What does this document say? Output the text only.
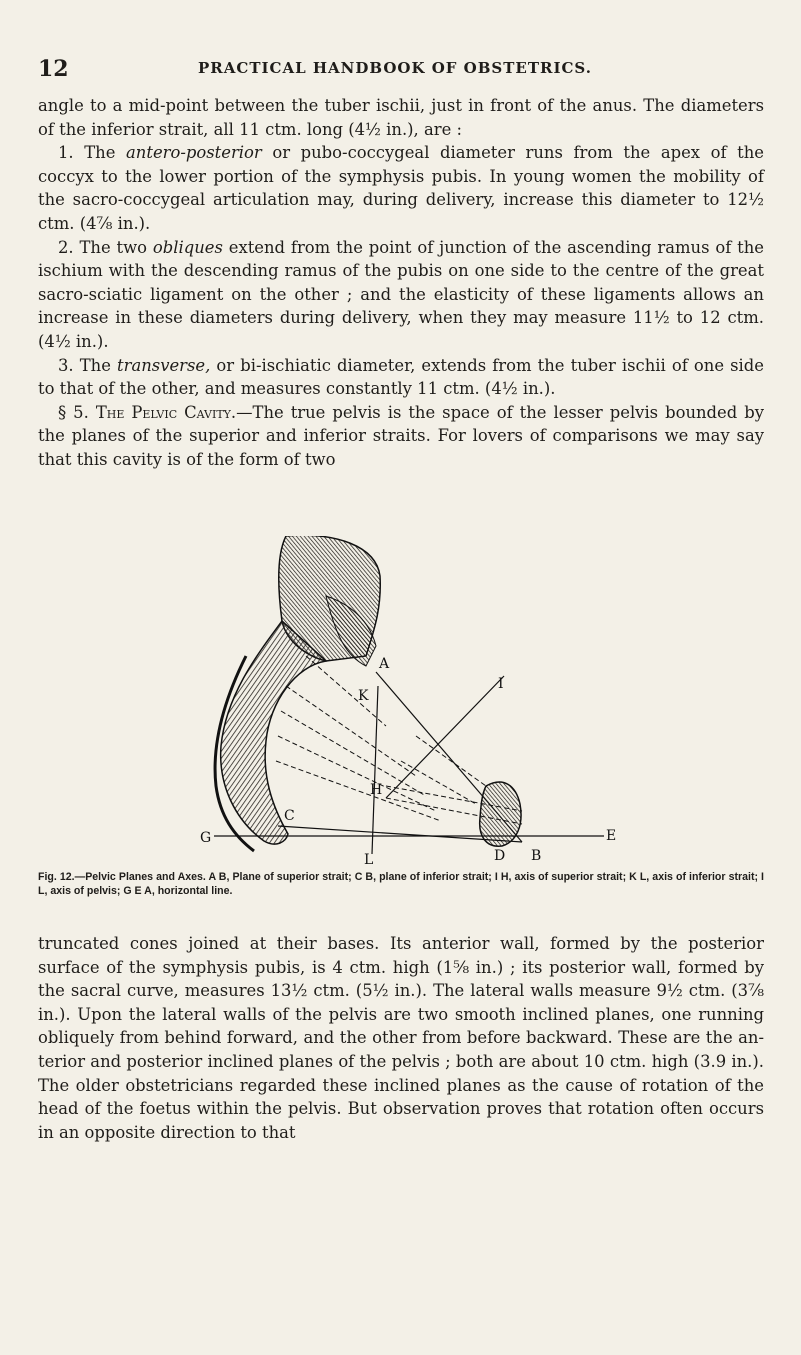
12	PRACTICAL HANDBOOK OF OBSTETRICS.

angle to a mid-point between the tuber ischii, just in front of the anus. The diameters of the inferior strait, all 11 ctm. long (4½ in.), are :

1. The antero-posterior or pubo-coccygeal diameter runs from the apex of the coccyx to the lower portion of the symphysis pubis. In young women the mobility of the sacro-coccygeal articulation may, during delivery, increase this diameter to 12½ ctm. (4⅞ in.).

2. The two obliques extend from the point of junction of the ascending ramus of the ischium with the descending ramus of the pubis on one side to the centre of the great sacro-sciatic ligament on the other ; and the elasticity of these ligaments allows an increase in these diameters during delivery, when they may measure 11½ to 12 ctm. (4½ in.).

3. The transverse, or bi-ischiatic diameter, extends from the tuber ischii of one side to that of the other, and measures constantly 11 ctm. (4½ in.).

§ 5. The Pelvic Cavity.—The true pelvis is the space of the lesser pelvis bounded by the planes of the superior and inferior straits. For lovers of comparisons we may say that this cavity is of the form of two

A
K
I
H
C
G
L	D
E
B
Fig. 12.—Pelvic Planes and Axes. A B, Plane of superior strait; C B, plane of inferior strait; I H, axis of superior strait; K L, axis of inferior strait; I L, axis of pelvis; G E A, horizontal line.

truncated cones joined at their bases. Its anterior wall, formed by the posterior surface of the symphysis pubis, is 4 ctm. high (1⅝ in.) ; its posterior wall, formed by the sacral curve, measures 13½ ctm. (5½ in.). The lateral walls measure 9½ ctm. (3⅞ in.). Upon the lateral walls of the pelvis are two smooth inclined planes, one running obliquely from behind forward, and the other from before backward. These are the anterior and posterior inclined planes of the pelvis ; both are about 10 ctm. high (3.9 in.). The older obstetricians regarded these inclined planes as the cause of rotation of the head of the foetus within the pelvis. But observation proves that rotation often occurs in an opposite direction to that
